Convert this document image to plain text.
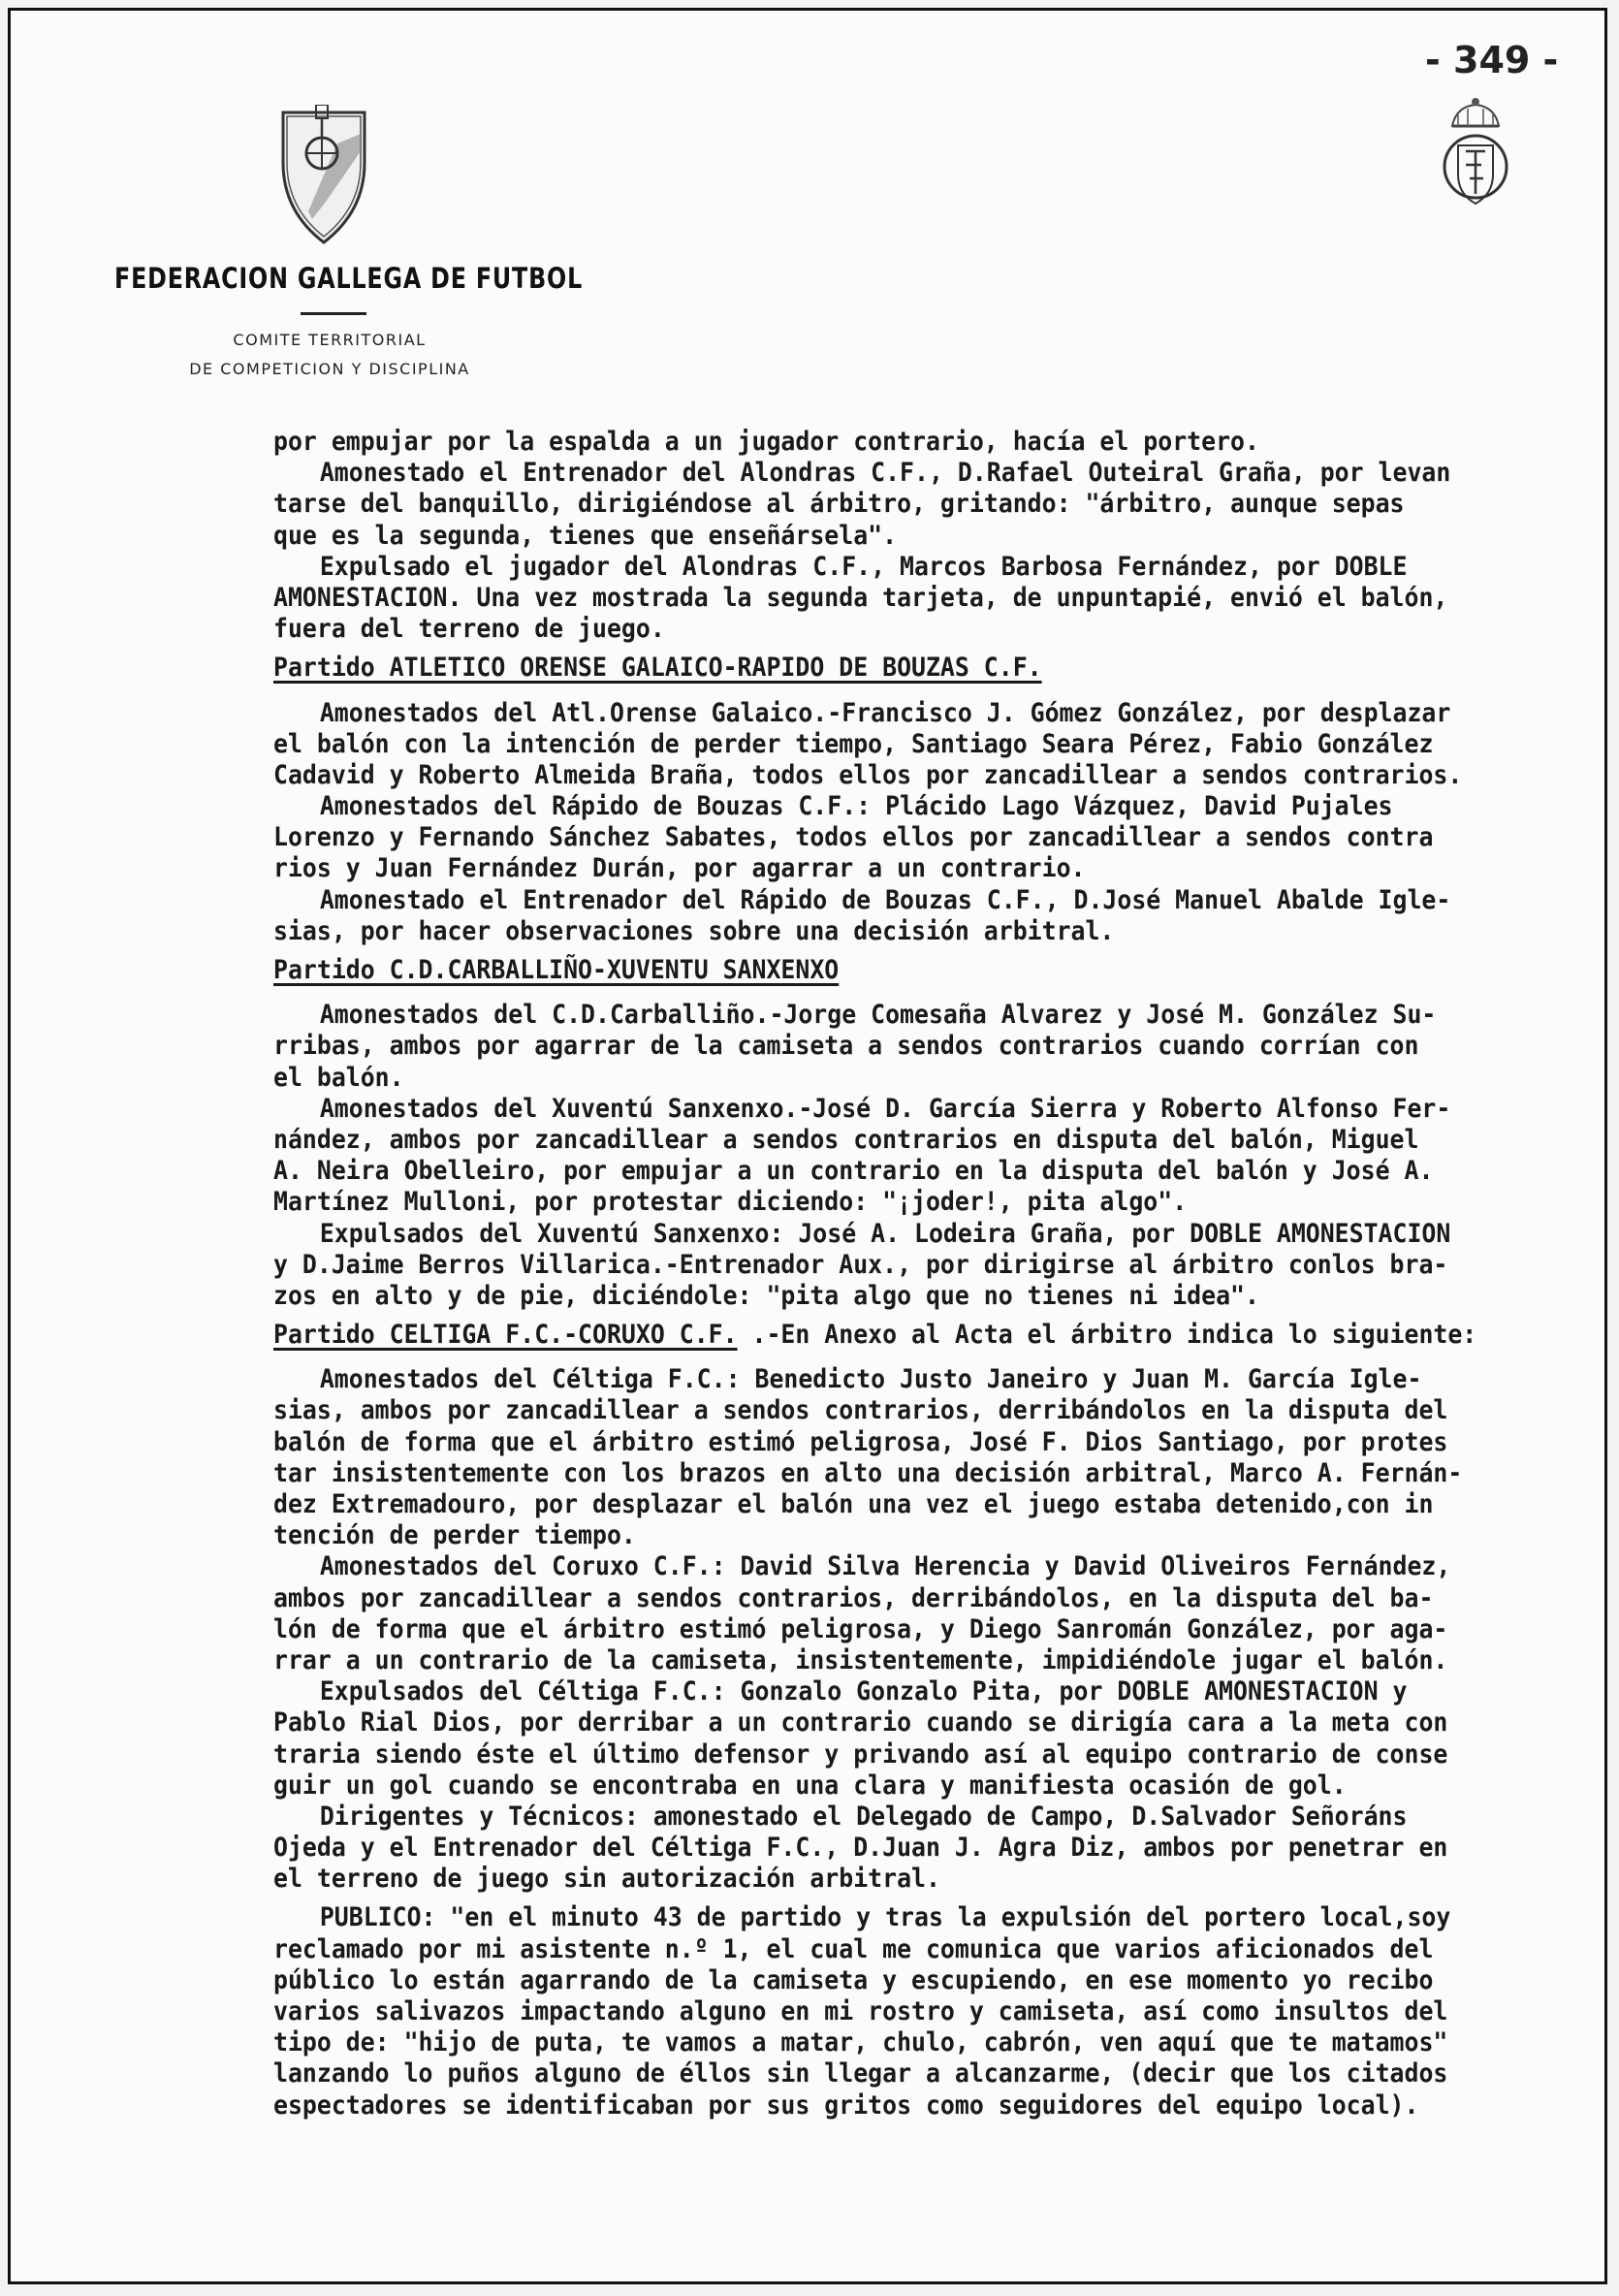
- 349 -
FEDERACION GALLEGA DE FUTBOL
COMITE TERRITORIAL
DE COMPETICION Y DISCIPLINA
por empujar por la espalda a un jugador contrario, hacía el portero.
Amonestado el Entrenador del Alondras C.F., D.Rafael Outeiral Graña, por levan
tarse del banquillo, dirigiéndose al árbitro, gritando: "árbitro, aunque sepas
que es la segunda, tienes que enseñársela".
Expulsado el jugador del Alondras C.F., Marcos Barbosa Fernández, por DOBLE
AMONESTACION. Una vez mostrada la segunda tarjeta, de unpuntapié, envió el balón,
fuera del terreno de juego.
Partido ATLETICO ORENSE GALAICO-RAPIDO DE BOUZAS C.F.
Amonestados del Atl.Orense Galaico.-Francisco J. Gómez González, por desplazar
el balón con la intención de perder tiempo, Santiago Seara Pérez, Fabio González
Cadavid y Roberto Almeida Braña, todos ellos por zancadillear a sendos contrarios.
Amonestados del Rápido de Bouzas C.F.: Plácido Lago Vázquez, David Pujales
Lorenzo y Fernando Sánchez Sabates, todos ellos por zancadillear a sendos contra
rios y Juan Fernández Durán, por agarrar a un contrario.
Amonestado el Entrenador del Rápido de Bouzas C.F., D.José Manuel Abalde Igle-
sias, por hacer observaciones sobre una decisión arbitral.
Partido C.D.CARBALLIÑO-XUVENTU SANXENXO
Amonestados del C.D.Carballiño.-Jorge Comesaña Alvarez y José M. González Su-
rribas, ambos por agarrar de la camiseta a sendos contrarios cuando corrían con
el balón.
Amonestados del Xuventú Sanxenxo.-José D. García Sierra y Roberto Alfonso Fer-
nández, ambos por zancadillear a sendos contrarios en disputa del balón, Miguel
A. Neira Obelleiro, por empujar a un contrario en la disputa del balón y José A.
Martínez Mulloni, por protestar diciendo: "¡joder!, pita algo".
Expulsados del Xuventú Sanxenxo: José A. Lodeira Graña, por DOBLE AMONESTACION
y D.Jaime Berros Villarica.-Entrenador Aux., por dirigirse al árbitro conlos bra-
zos en alto y de pie, diciéndole: "pita algo que no tienes ni idea".
Partido CELTIGA F.C.-CORUXO C.F. .-En Anexo al Acta el árbitro indica lo siguiente:
Amonestados del Céltiga F.C.: Benedicto Justo Janeiro y Juan M. García Igle-
sias, ambos por zancadillear a sendos contrarios, derribándolos en la disputa del
balón de forma que el árbitro estimó peligrosa, José F. Dios Santiago, por protes
tar insistentemente con los brazos en alto una decisión arbitral, Marco A. Fernán-
dez Extremadouro, por desplazar el balón una vez el juego estaba detenido,con in
tención de perder tiempo.
Amonestados del Coruxo C.F.: David Silva Herencia y David Oliveiros Fernández,
ambos por zancadillear a sendos contrarios, derribándolos, en la disputa del ba-
lón de forma que el árbitro estimó peligrosa, y Diego Sanromán González, por aga-
rrar a un contrario de la camiseta, insistentemente, impidiéndole jugar el balón.
Expulsados del Céltiga F.C.: Gonzalo Gonzalo Pita, por DOBLE AMONESTACION y
Pablo Rial Dios, por derribar a un contrario cuando se dirigía cara a la meta con
traria siendo éste el último defensor y privando así al equipo contrario de conse
guir un gol cuando se encontraba en una clara y manifiesta ocasión de gol.
Dirigentes y Técnicos: amonestado el Delegado de Campo, D.Salvador Señoráns
Ojeda y el Entrenador del Céltiga F.C., D.Juan J. Agra Diz, ambos por penetrar en
el terreno de juego sin autorización arbitral.
PUBLICO: "en el minuto 43 de partido y tras la expulsión del portero local,soy
reclamado por mi asistente n.º 1, el cual me comunica que varios aficionados del
público lo están agarrando de la camiseta y escupiendo, en ese momento yo recibo
varios salivazos impactando alguno en mi rostro y camiseta, así como insultos del
tipo de: "hijo de puta, te vamos a matar, chulo, cabrón, ven aquí que te matamos"
lanzando lo puños alguno de éllos sin llegar a alcanzarme, (decir que los citados
espectadores se identificaban por sus gritos como seguidores del equipo local).
